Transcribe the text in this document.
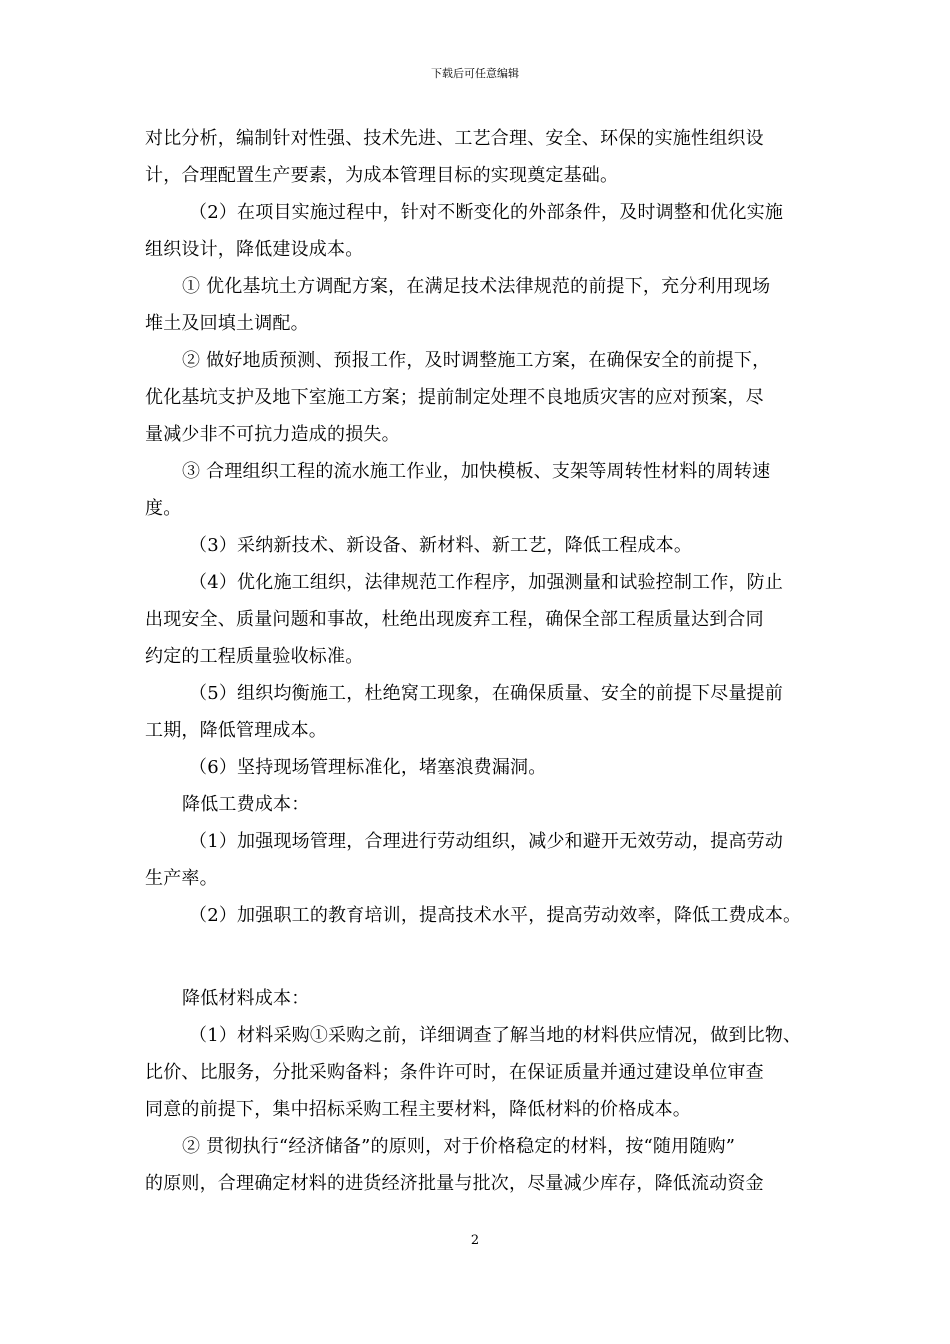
下载后可任意编辑
对比分析，编制针对性强、技术先进、工艺合理、安全、环保的实施性组织设
计，合理配置生产要素，为成本管理目标的实现奠定基础。
（2）在项目实施过程中，针对不断变化的外部条件，及时调整和优化实施
组织设计，降低建设成本。
① 优化基坑土方调配方案，在满足技术法律规范的前提下，充分利用现场
堆土及回填土调配。
② 做好地质预测、预报工作，及时调整施工方案，在确保安全的前提下，
优化基坑支护及地下室施工方案；提前制定处理不良地质灾害的应对预案，尽
量减少非不可抗力造成的损失。
③ 合理组织工程的流水施工作业，加快模板、支架等周转性材料的周转速
度。
（3）采纳新技术、新设备、新材料、新工艺，降低工程成本。
（4）优化施工组织，法律规范工作程序，加强测量和试验控制工作，防止
出现安全、质量问题和事故，杜绝出现废弃工程，确保全部工程质量达到合同
约定的工程质量验收标准。
（5）组织均衡施工，杜绝窝工现象，在确保质量、安全的前提下尽量提前
工期，降低管理成本。
（6）坚持现场管理标准化，堵塞浪费漏洞。
降低工费成本：
（1）加强现场管理，合理进行劳动组织，减少和避开无效劳动，提高劳动
生产率。
（2）加强职工的教育培训，提高技术水平，提高劳动效率，降低工费成本。
降低材料成本：
（1）材料采购①采购之前，详细调查了解当地的材料供应情况，做到比物、
比价、比服务，分批采购备料；条件许可时，在保证质量并通过建设单位审查
同意的前提下，集中招标采购工程主要材料，降低材料的价格成本。
② 贯彻执行“经济储备”的原则，对于价格稳定的材料，按“随用随购”
的原则，合理确定材料的进货经济批量与批次，尽量减少库存，降低流动资金
2
